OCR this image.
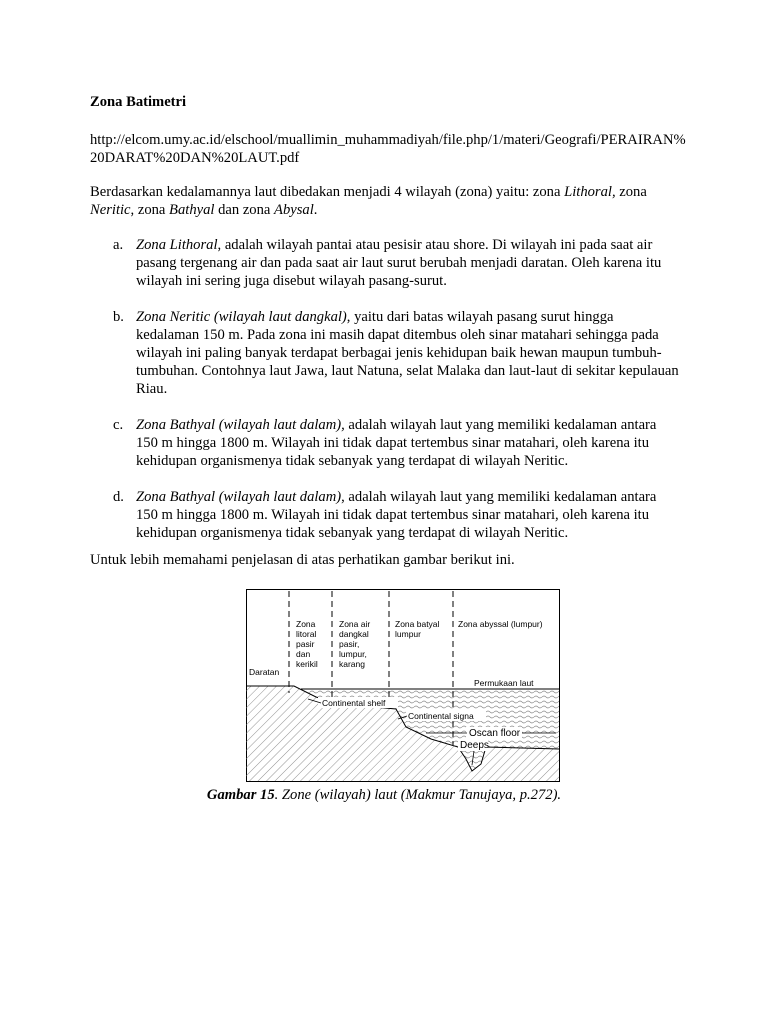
Zona Batimetri
http://elcom.umy.ac.id/elschool/muallimin_muhammadiyah/file.php/1/materi/Geografi/PERAIRAN%20DARAT%20DAN%20LAUT.pdf
Berdasarkan kedalamannya laut dibedakan menjadi 4 wilayah (zona) yaitu: zona Lithoral, zona Neritic, zona Bathyal dan zona Abysal.
a. Zona Lithoral, adalah wilayah pantai atau pesisir atau shore. Di wilayah ini pada saat air pasang tergenang air dan pada saat air laut surut berubah menjadi daratan. Oleh karena itu wilayah ini sering juga disebut wilayah pasang-surut.
b. Zona Neritic (wilayah laut dangkal), yaitu dari batas wilayah pasang surut hingga kedalaman 150 m. Pada zona ini masih dapat ditembus oleh sinar matahari sehingga pada wilayah ini paling banyak terdapat berbagai jenis kehidupan baik hewan maupun tumbuh-tumbuhan. Contohnya laut Jawa, laut Natuna, selat Malaka dan laut-laut di sekitar kepulauan Riau.
c. Zona Bathyal (wilayah laut dalam), adalah wilayah laut yang memiliki kedalaman antara 150 m hingga 1800 m. Wilayah ini tidak dapat tertembus sinar matahari, oleh karena itu kehidupan organismenya tidak sebanyak yang terdapat di wilayah Neritic.
d. Zona Bathyal (wilayah laut dalam), adalah wilayah laut yang memiliki kedalaman antara 150 m hingga 1800 m. Wilayah ini tidak dapat tertembus sinar matahari, oleh karena itu kehidupan organismenya tidak sebanyak yang terdapat di wilayah Neritic.
Untuk lebih memahami penjelasan di atas perhatikan gambar berikut ini.
Zona litoral pasir dan kerikil
Zona air dangkal pasir, lumpur, karang
Zona batyal lumpur
Zona abyssal (lumpur)
Daratan
Permukaan laut
Continental shelf
Continental signa
Oscan floor
Deeps
Gambar 15. Zone (wilayah) laut (Makmur Tanujaya, p.272).
